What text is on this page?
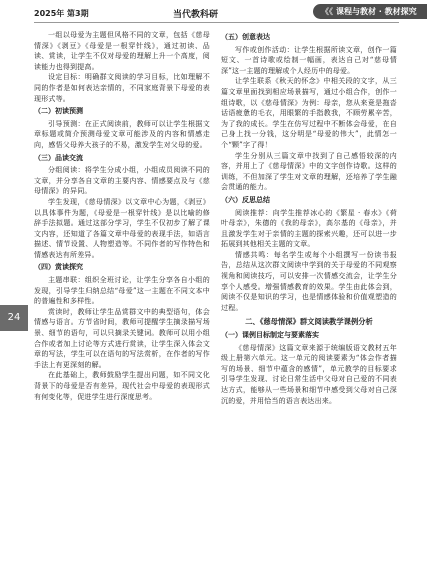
2025年 第3期	当代教科研	《《 课程与教材 · 教材探究
24

一组以母爱为主题但风格不同的文章，包括《慈母情深》《剥豆》《母爱是一根穿针线》，通过初读、品读、赏读，让学生不仅对母爱的理解上升一个高度，阅读能力也得到提高。

设定目标：明确群文阅读的学习目标，比如理解不同的作者是如何表达亲情的，不同家庭背景下母爱的表现形式等。

（二）初读预测

引导预测：在正式阅读前，教师可以让学生根据文章标题或简介预测母爱文章可能涉及的内容和情感走向，感悟父母养大孩子的不易，激发学生对父母的爱。

（三）品读交流

分组阅读：将学生分成小组，小组成员阅读不同的文章，并分享各自文章的主要内容、情感要点及与《慈母情深》的异同。

学生发现，《慈母情深》以文章中心为题，《剥豆》以具体事件为题，《母爱是一根穿针线》是以比喻的修辞手法拟题。通过这部分学习，学生不仅初步了解了课文内容，还知道了各篇文章中母爱的表现手法，如语言描述、情节设置、人物塑造等。不同作者的写作特色和情感表达有所差异。

（四）赏读探究

主题串联：组织全班讨论，让学生分享各自小组的发现，引导学生归纳总结“母爱”这一主题在不同文本中的普遍性和多样性。

赏读时，教师让学生品赏群文中的典型语句，体会情感与语言。方节省时间，教师可提醒学生摘录描写场景、细节的语句，可以只摘录关键词。教师可以用小组合作或者加上讨论等方式进行赏读，让学生深入体会文章的写法，学生可以在语句的写法赏析，在作者的写作手法上有更深刻的解。

在此基础上，教师鼓励学生提出问题，如不同文化背景下的母爱是否有差异，现代社会中母爱的表现形式有何变化等，促进学生进行深度思考。

（五）创意表达

写作或创作活动：让学生根据所读文章，创作一篇短文、一首诗歌或绘制一幅画，表达自己对“慈母情深”这一主题的理解或个人经历中的母爱。

让学生联系《秋天的怀念》中相关段的文字，从三篇文章里面找到相应场景描写，通过小组合作，创作一组诗歌，以《慈母情深》为例：母亲，您从来竟是拖沓话语疲惫的毛衣，用眼繁的手指教我，不顾劳累辛苦，为了我的成长。学生在仿写过程中不断体会母爱，在自己身上找一分钱，这分明是“母爱的伟大”，此情怎一个“颗”字了得！

学生分别从三篇文章中找到了自己感悟较深的内容，并用上了《慈母情深》中的文字创作诗歌。这样的训练，不但加深了学生对文章的理解，还培养了学生融会贯通的能力。

（六）反思总结

阅读推荐：向学生推荐冰心的《繁星 · 春水》《荷叶母亲》，朱德的《我的母亲》，高尔基的《母亲》，并且激发学生对于亲情的主题的探索兴趣，还可以进一步拓展到其他相关主题的文章。

情感共鸣：每名学生或每个小组撰写一份读书报告，总结从这次群文阅读中学到的关于母爱的不同观察视角和阅读技巧，可以安排一次情感交流会，让学生分享个人感受。增强情感教育的效果。学生由此体会到，阅读不仅是知识的学习，也是情感体验和价值观塑造的过程。

二、《慈母情深》群文阅读教学课例分析
（一）课例目标制定与要素落实

《慈母情深》这篇文章来源于统编版语文教材五年级上册第六单元。这一单元的阅读要素为“体会作者描写的场景、细节中蕴含的感情”，单元教学的目标要求引导学生发现、讨论日常生活中父母对自己爱的不同表达方式，能够从一些场景和细节中感受到父母对自己深沉的爱，并用恰当的语言表达出来。
